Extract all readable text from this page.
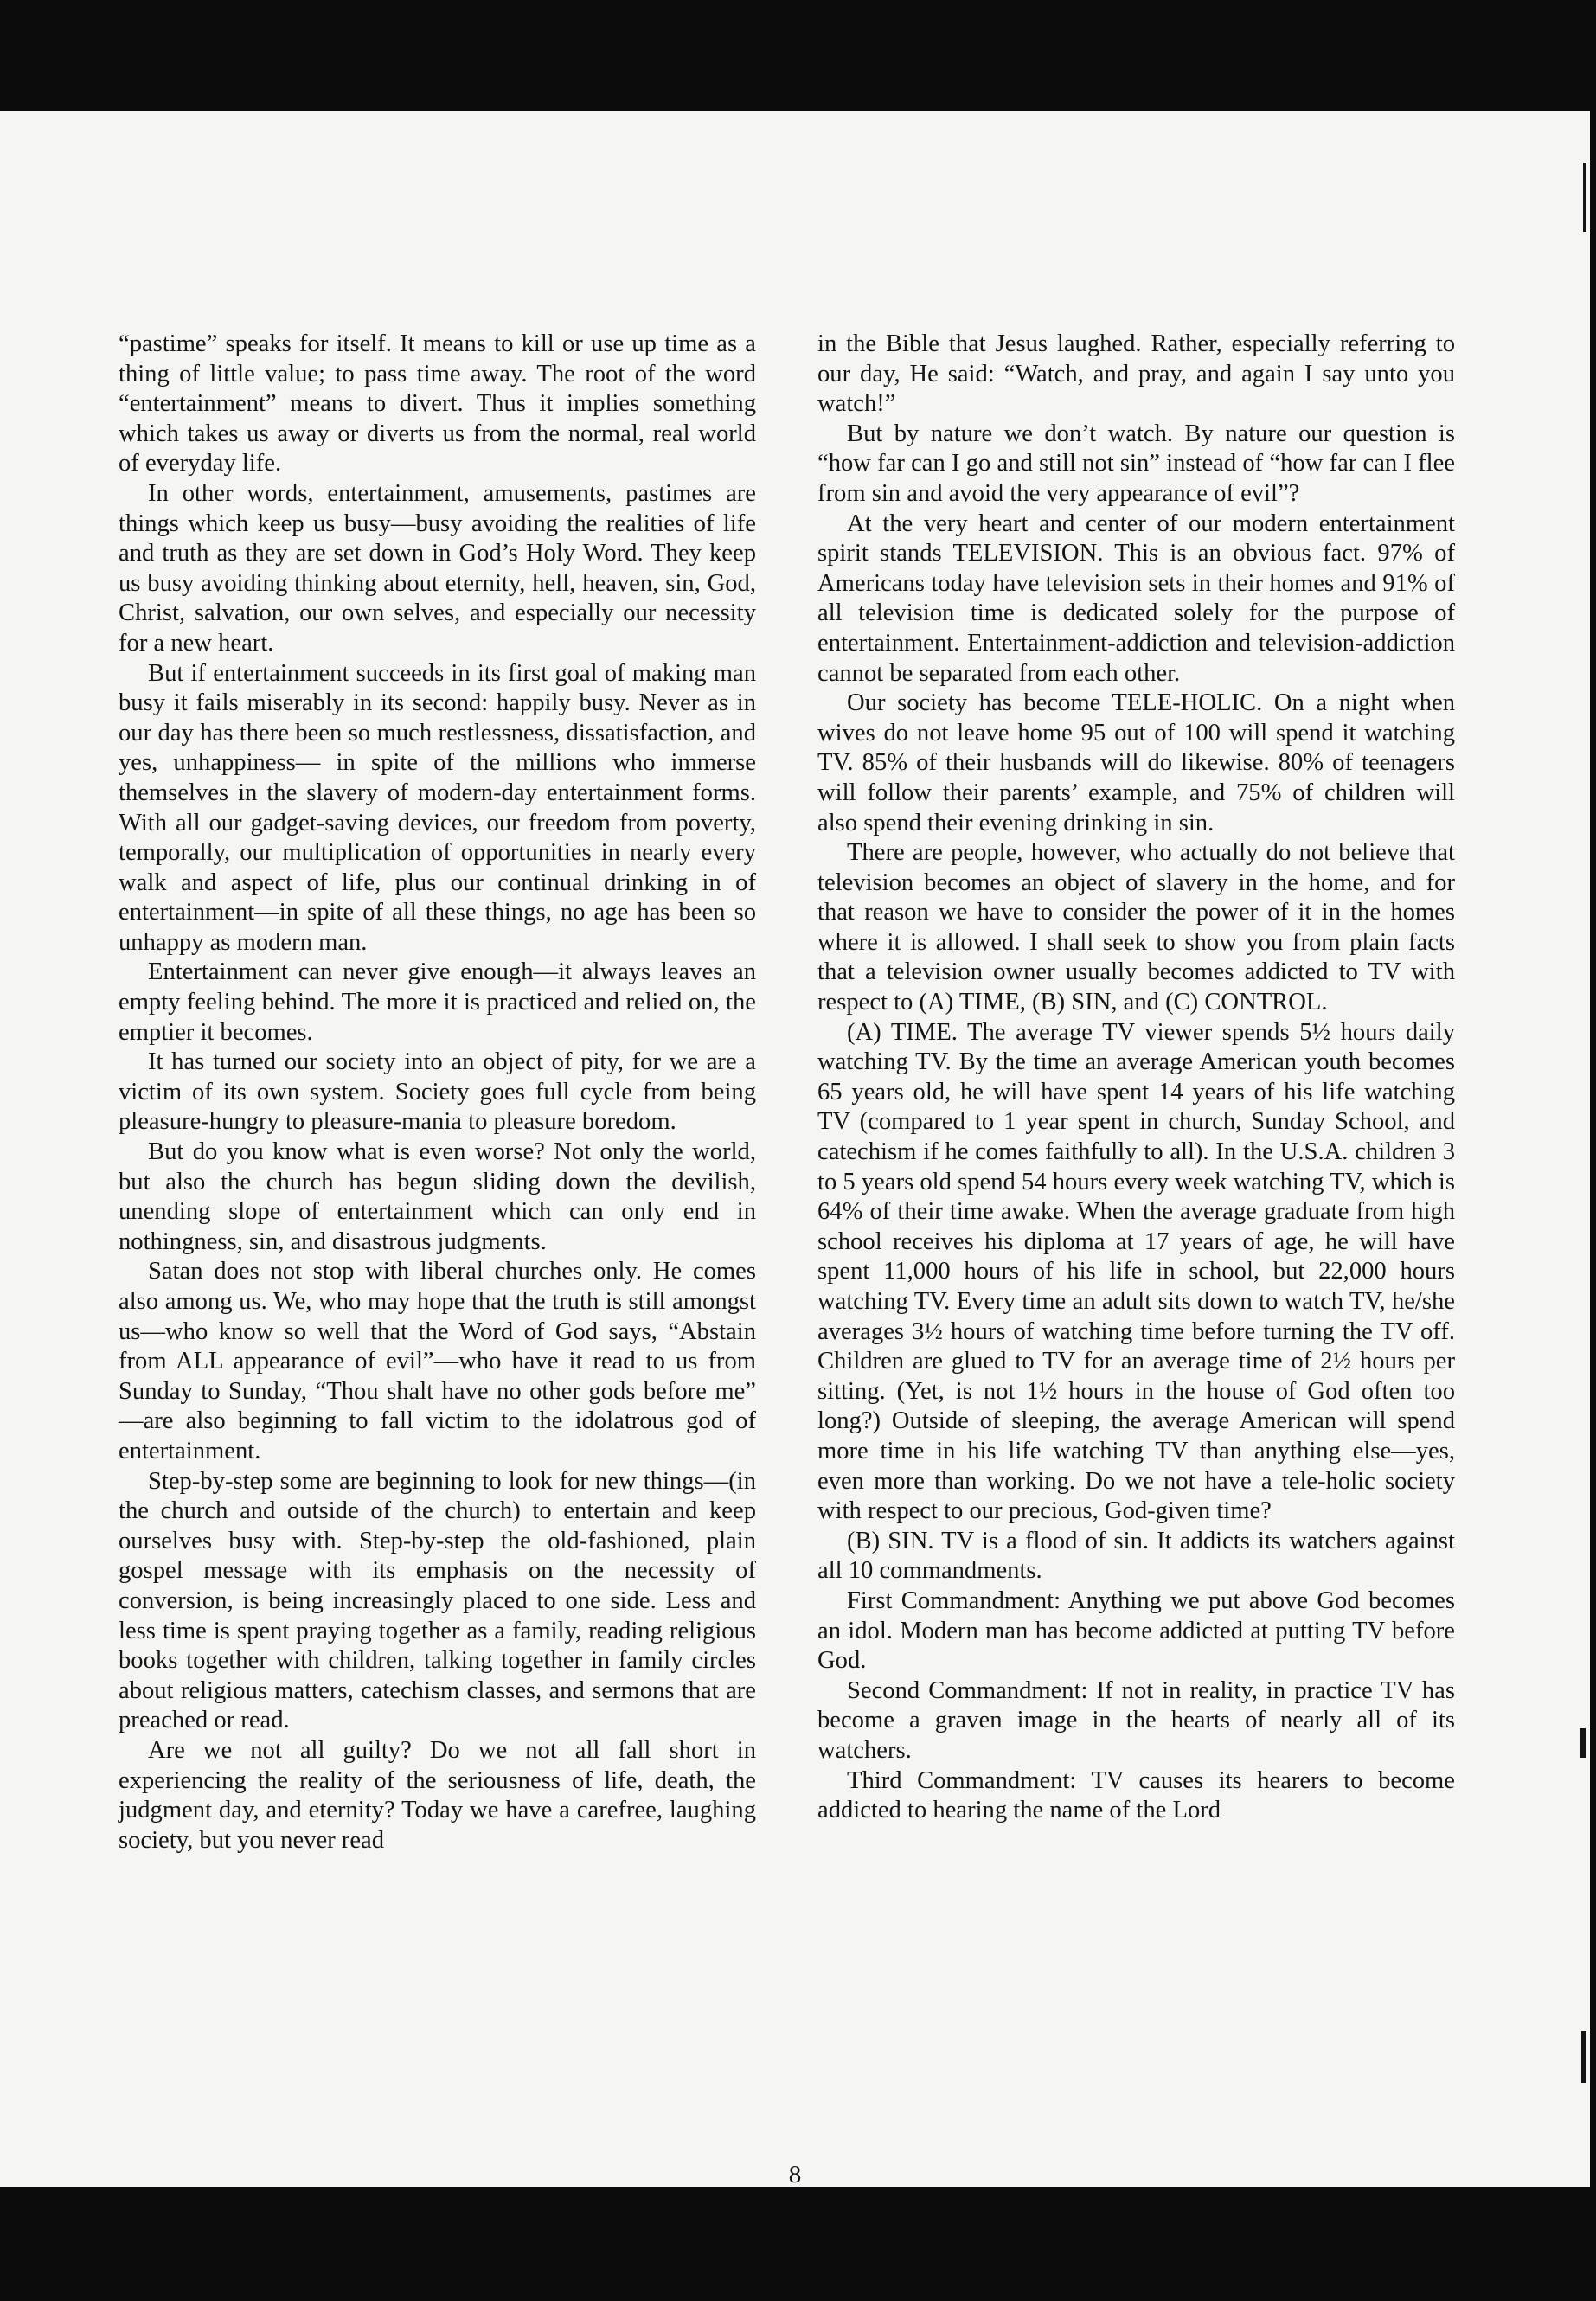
“pastime” speaks for itself. It means to kill or use up time as a thing of little value; to pass time away. The root of the word “entertainment” means to divert. Thus it implies something which takes us away or diverts us from the normal, real world of everyday life.

In other words, entertainment, amusements, pastimes are things which keep us busy—busy avoiding the realities of life and truth as they are set down in God’s Holy Word. They keep us busy avoiding thinking about eternity, hell, heaven, sin, God, Christ, salvation, our own selves, and especially our necessity for a new heart.

But if entertainment succeeds in its first goal of making man busy it fails miserably in its second: happily busy. Never as in our day has there been so much restlessness, dissatisfaction, and yes, unhappiness— in spite of the millions who immerse themselves in the slavery of modern-day entertainment forms. With all our gadget-saving devices, our freedom from poverty, temporally, our multiplication of opportunities in nearly every walk and aspect of life, plus our continual drinking in of entertainment—in spite of all these things, no age has been so unhappy as modern man.

Entertainment can never give enough—it always leaves an empty feeling behind. The more it is practiced and relied on, the emptier it becomes.

It has turned our society into an object of pity, for we are a victim of its own system. Society goes full cycle from being pleasure-hungry to pleasure-mania to pleasure boredom.

But do you know what is even worse? Not only the world, but also the church has begun sliding down the devilish, unending slope of entertainment which can only end in nothingness, sin, and disastrous judgments.

Satan does not stop with liberal churches only. He comes also among us. We, who may hope that the truth is still amongst us—who know so well that the Word of God says, “Abstain from ALL appearance of evil”—who have it read to us from Sunday to Sunday, “Thou shalt have no other gods before me” —are also beginning to fall victim to the idolatrous god of entertainment.

Step-by-step some are beginning to look for new things—(in the church and outside of the church) to entertain and keep ourselves busy with. Step-by-step the old-fashioned, plain gospel message with its emphasis on the necessity of conversion, is being increasingly placed to one side. Less and less time is spent praying together as a family, reading religious books together with children, talking together in family circles about religious matters, catechism classes, and sermons that are preached or read.

Are we not all guilty? Do we not all fall short in experiencing the reality of the seriousness of life, death, the judgment day, and eternity? Today we have a carefree, laughing society, but you never read

in the Bible that Jesus laughed. Rather, especially referring to our day, He said: “Watch, and pray, and again I say unto you watch!”

But by nature we don’t watch. By nature our question is “how far can I go and still not sin” instead of “how far can I flee from sin and avoid the very appearance of evil”?

At the very heart and center of our modern entertainment spirit stands TELEVISION. This is an obvious fact. 97% of Americans today have television sets in their homes and 91% of all television time is dedicated solely for the purpose of entertainment. Entertainment-addiction and television-addiction cannot be separated from each other.

Our society has become TELE-HOLIC. On a night when wives do not leave home 95 out of 100 will spend it watching TV. 85% of their husbands will do likewise. 80% of teenagers will follow their parents’ example, and 75% of children will also spend their evening drinking in sin.

There are people, however, who actually do not believe that television becomes an object of slavery in the home, and for that reason we have to consider the power of it in the homes where it is allowed. I shall seek to show you from plain facts that a television owner usually becomes addicted to TV with respect to (A) TIME, (B) SIN, and (C) CONTROL.

(A) TIME. The average TV viewer spends 5½ hours daily watching TV. By the time an average American youth becomes 65 years old, he will have spent 14 years of his life watching TV (compared to 1 year spent in church, Sunday School, and catechism if he comes faithfully to all). In the U.S.A. children 3 to 5 years old spend 54 hours every week watching TV, which is 64% of their time awake. When the average graduate from high school receives his diploma at 17 years of age, he will have spent 11,000 hours of his life in school, but 22,000 hours watching TV. Every time an adult sits down to watch TV, he/she averages 3½ hours of watching time before turning the TV off. Children are glued to TV for an average time of 2½ hours per sitting. (Yet, is not 1½ hours in the house of God often too long?) Outside of sleeping, the average American will spend more time in his life watching TV than anything else—yes, even more than working. Do we not have a tele-holic society with respect to our precious, God-given time?

(B) SIN. TV is a flood of sin. It addicts its watchers against all 10 commandments.

First Commandment: Anything we put above God becomes an idol. Modern man has become addicted at putting TV before God.

Second Commandment: If not in reality, in practice TV has become a graven image in the hearts of nearly all of its watchers.

Third Commandment: TV causes its hearers to become addicted to hearing the name of the Lord

8
